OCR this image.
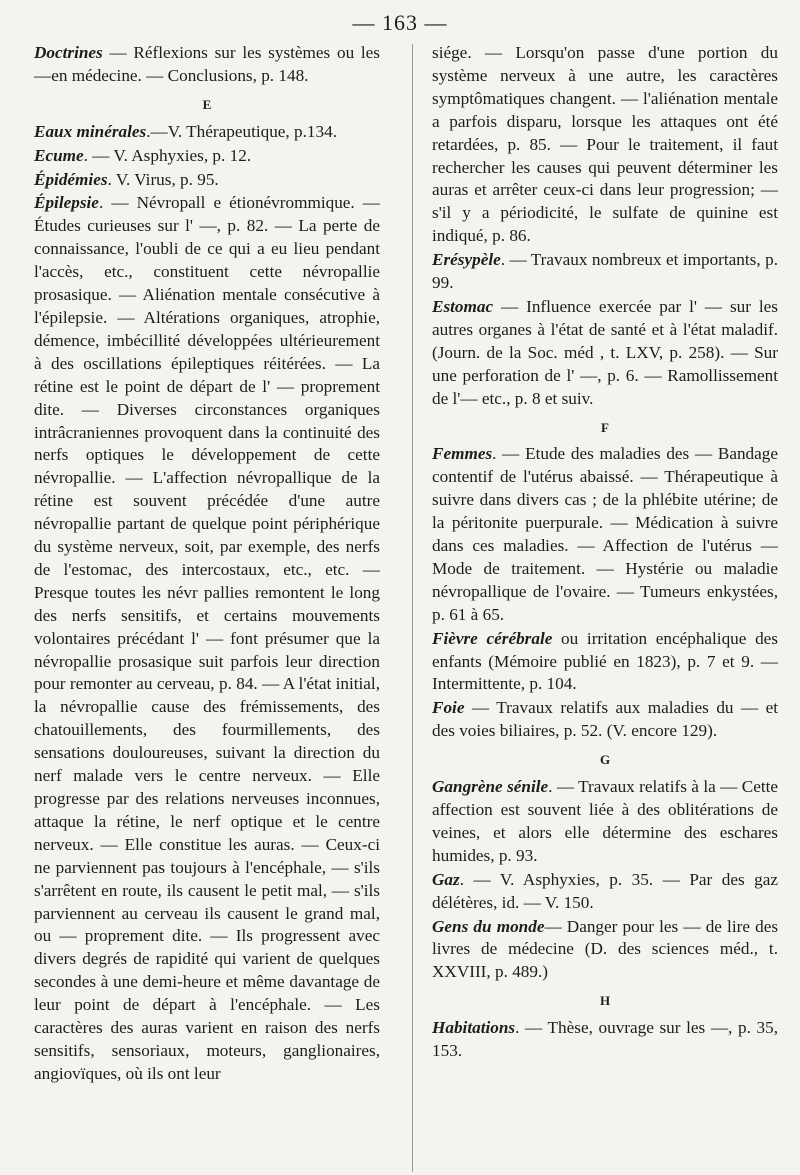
— 163 —

Doctrines — Réflexions sur les systèmes ou les —en médecine. — Conclusions, p. 148.

E

Eaux minérales.—V. Thérapeutique, p.134.

Ecume. — V. Asphyxies, p. 12.

Épidémies. V. Virus, p. 95.

Épilepsie. — Névropall e étionévrommique. — Études curieuses sur l' —, p. 82. — La perte de connaissance, l'oubli de ce qui a eu lieu pendant l'accès, etc., constituent cette névropallie prosasique. — Aliénation mentale consécutive à l'épilepsie. — Altérations organiques, atrophie, démence, imbécillité développées ultérieurement à des oscillations épileptiques réitérées. — La rétine est le point de départ de l' — proprement dite. — Diverses circonstances organiques intrâcraniennes provoquent dans la continuité des nerfs optiques le développement de cette névropallie. — L'affection névropallique de la rétine est souvent précédée d'une autre névropallie partant de quelque point périphérique du système nerveux, soit, par exemple, des nerfs de l'estomac, des intercostaux, etc., etc. — Presque toutes les névr pallies remontent le long des nerfs sensitifs, et certains mouvements volontaires précédant l' — font présumer que la névropallie prosasique suit parfois leur direction pour remonter au cerveau, p. 84. — A l'état initial, la névropallie cause des frémissements, des chatouillements, des fourmillements, des sensations douloureuses, suivant la direction du nerf malade vers le centre nerveux. — Elle progresse par des relations nerveuses inconnues, attaque la rétine, le nerf optique et le centre nerveux. — Elle constitue les auras. — Ceux-ci ne parviennent pas toujours à l'encéphale, — s'ils s'arrêtent en route, ils causent le petit mal, — s'ils parviennent au cerveau ils causent le grand mal, ou — proprement dite. — Ils progressent avec divers degrés de rapidité qui varient de quelques secondes à une demi-heure et même davantage de leur point de départ à l'encéphale. — Les caractères des auras varient en raison des nerfs sensitifs, sensoriaux, moteurs, ganglionaires, angiovïques, où ils ont leur

siége. — Lorsqu'on passe d'une portion du système nerveux à une autre, les caractères symptômatiques changent. — l'aliénation mentale a parfois disparu, lorsque les attaques ont été retardées, p. 85. — Pour le traitement, il faut rechercher les causes qui peuvent déterminer les auras et arrêter ceux-ci dans leur progression; — s'il y a périodicité, le sulfate de quinine est indiqué, p. 86.

Erésypèle. — Travaux nombreux et importants, p. 99.

Estomac — Influence exercée par l' — sur les autres organes à l'état de santé et à l'état maladif. (Journ. de la Soc. méd , t. LXV, p. 258). — Sur une perforation de l' —, p. 6. — Ramollissement de l'— etc., p. 8 et suiv.

F

Femmes. — Etude des maladies des — Bandage contentif de l'utérus abaissé. — Thérapeutique à suivre dans divers cas ; de la phlébite utérine; de la péritonite puerpurale. — Médication à suivre dans ces maladies. — Affection de l'utérus — Mode de traitement. — Hystérie ou maladie névropallique de l'ovaire. — Tumeurs enkystées, p. 61 à 65.

Fièvre cérébrale ou irritation encéphalique des enfants (Mémoire publié en 1823), p. 7 et 9. — Intermittente, p. 104.

Foie — Travaux relatifs aux maladies du — et des voies biliaires, p. 52. (V. encore 129).

G

Gangrène sénile. — Travaux relatifs à la — Cette affection est souvent liée à des oblitérations de veines, et alors elle détermine des eschares humides, p. 93.

Gaz. — V. Asphyxies, p. 35. — Par des gaz délétères, id. — V. 150.

Gens du monde— Danger pour les — de lire des livres de médecine (D. des sciences méd., t. XXVIII, p. 489.)

H

Habitations. — Thèse, ouvrage sur les —, p. 35, 153.
